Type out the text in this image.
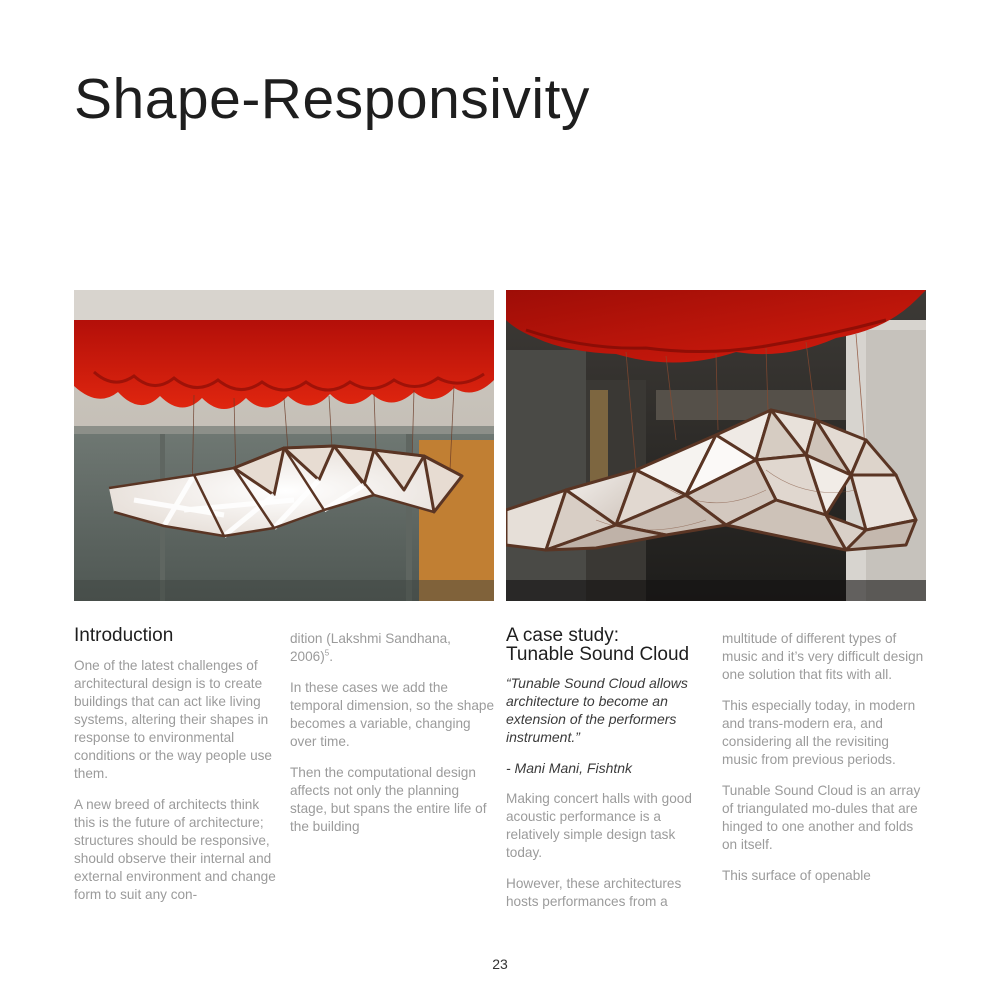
Shape-Responsivity
Introduction

One of the latest challenges of architectural design is to create buildings that can act like living systems, altering their shapes in response to environmental conditions or the way people use them.

A new breed of architects think this is the future of architecture; structures should be responsive, should observe their internal and external environment and change form to suit any con-

dition (Lakshmi Sandhana, 2006)$^5$.

In these cases we add the temporal dimension, so the shape becomes a variable, changing over time.

Then the computational design affects not only the planning stage, but spans the entire life of the building

A case study:
Tunable Sound Cloud

“Tunable Sound Cloud allows architecture to become an extension of the performers instrument.”

- Mani Mani, Fishtnk

Making concert halls with good acoustic performance is a relatively simple design task today.

However, these architectures hosts performances from a

multitude of different types of music and it’s very difficult design one solution that fits with all.

This especially today, in modern and trans-modern era, and considering all the revisiting music from previous periods.

Tunable Sound Cloud is an array of triangulated mo-dules that are hinged to one another and folds on itself.

This surface of openable

23
